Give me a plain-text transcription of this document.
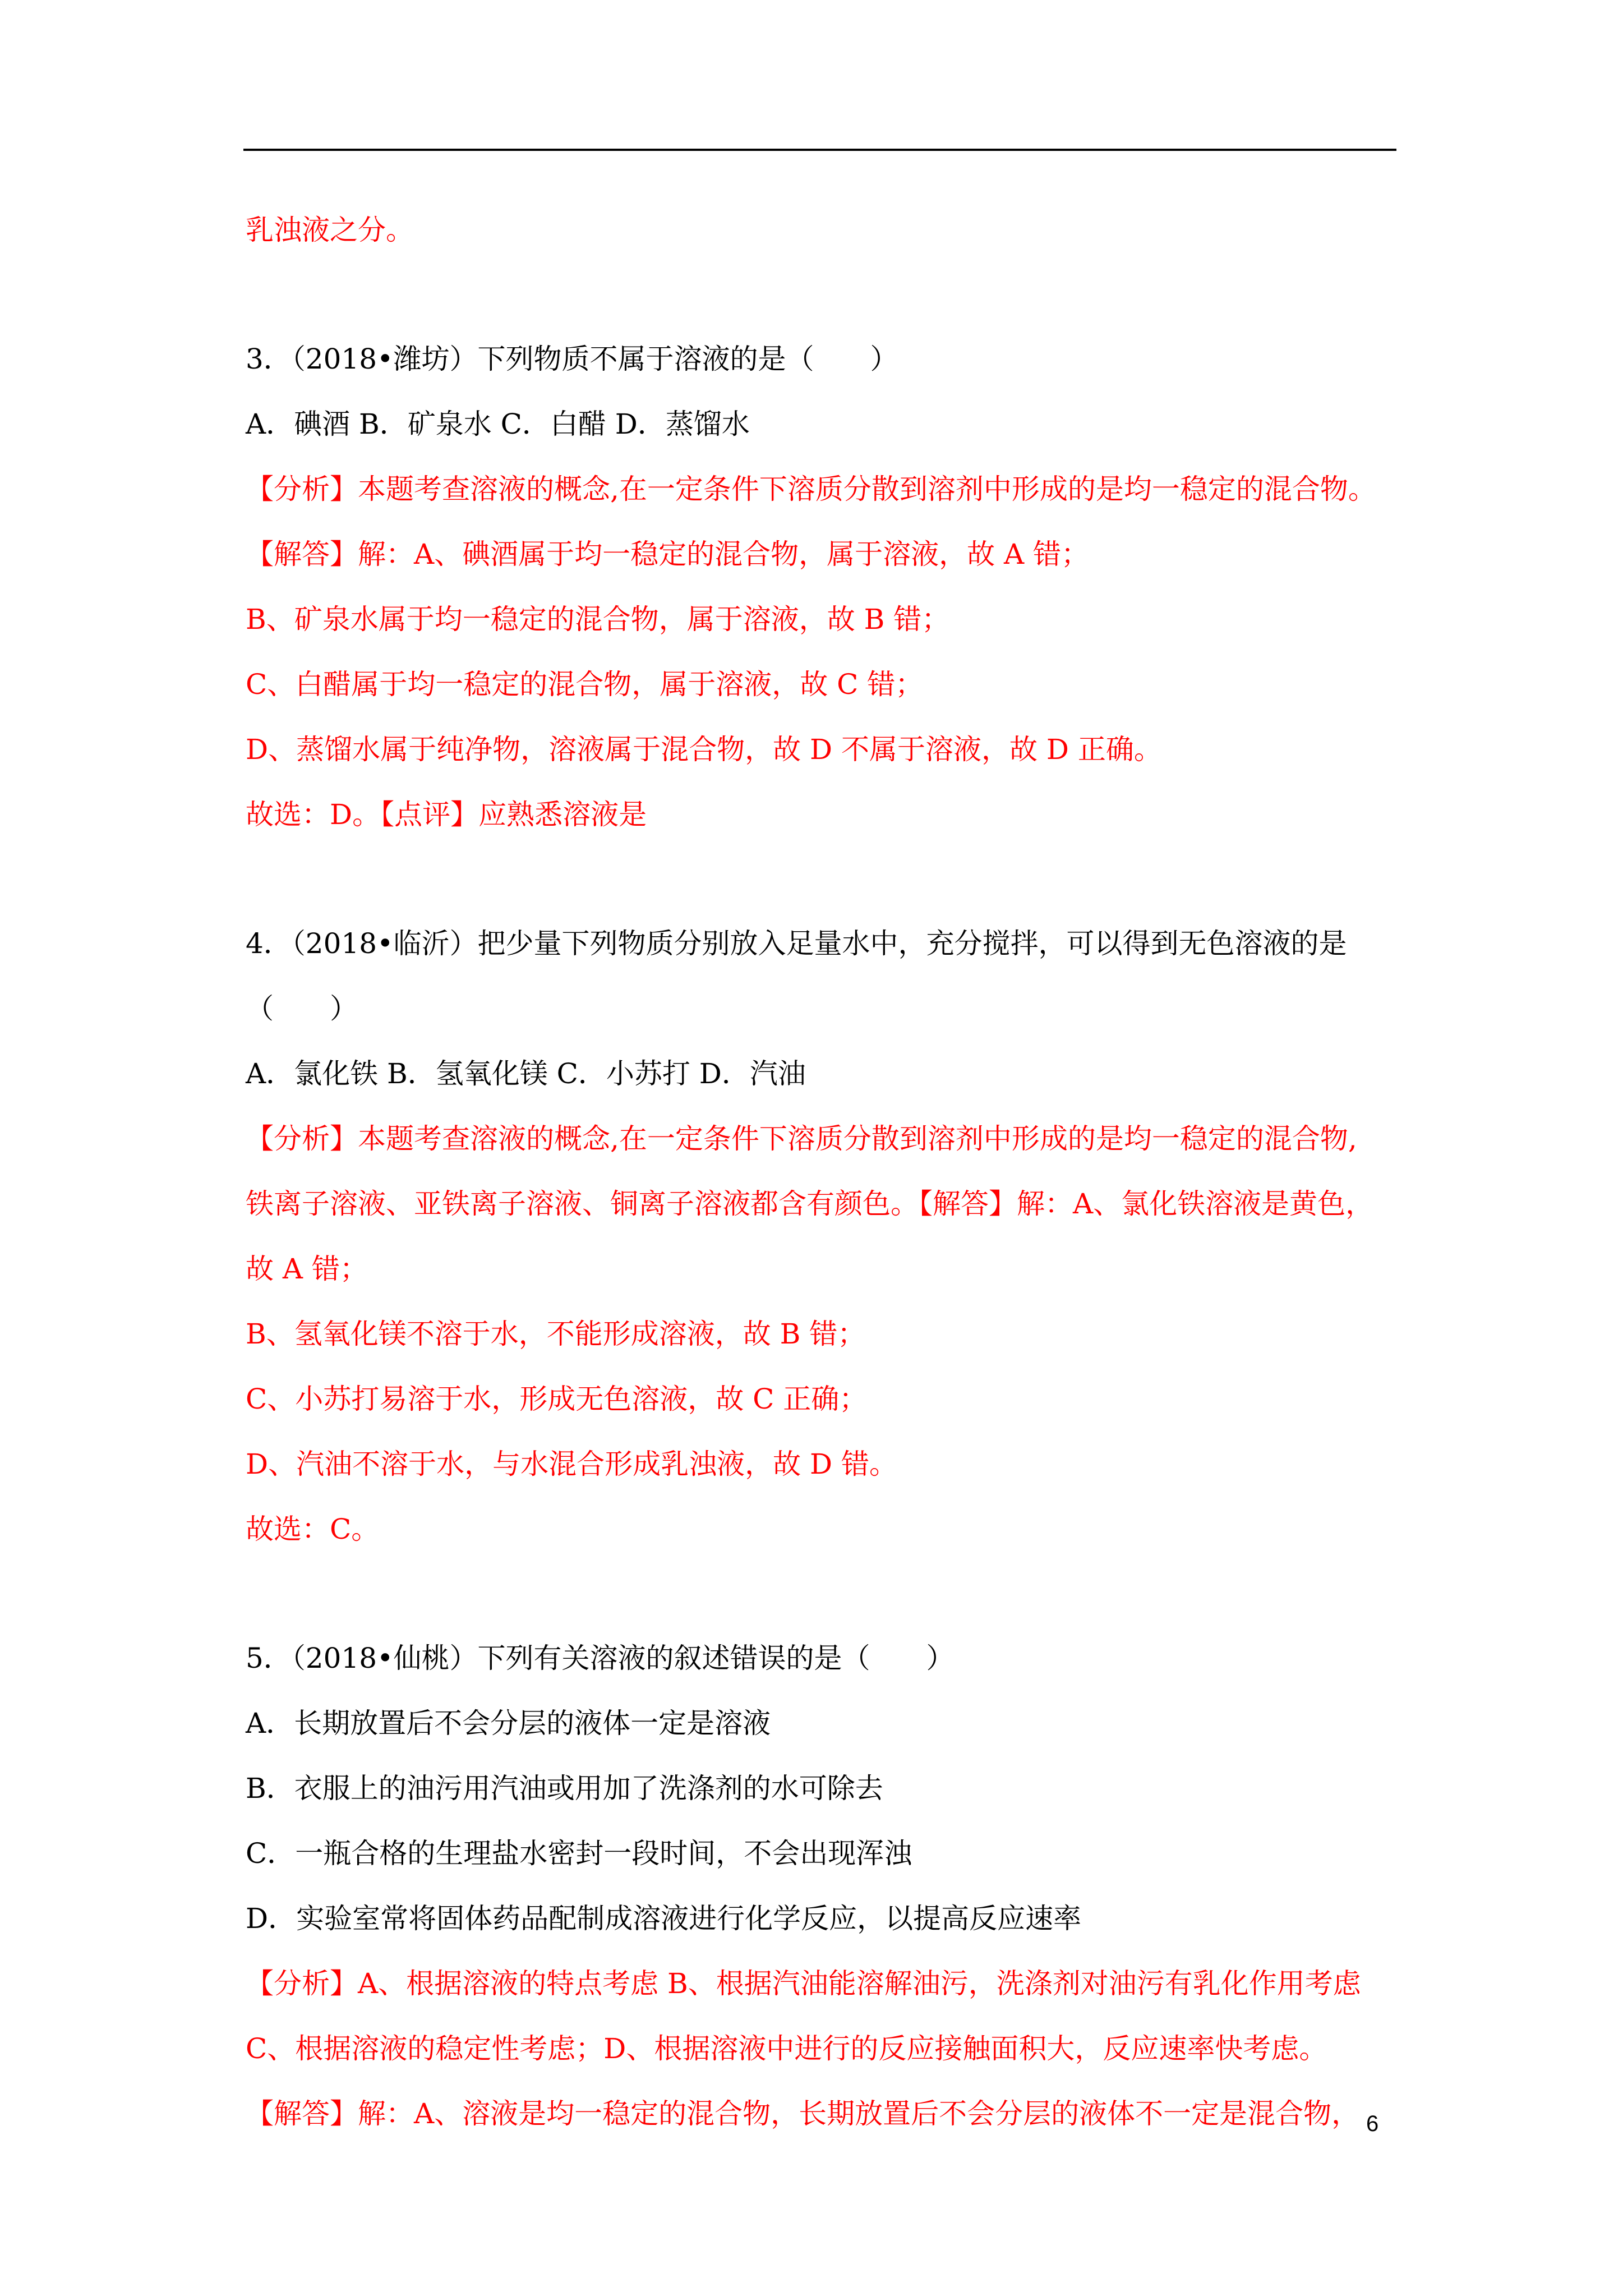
乳浊液之分。
3．（2018•潍坊）下列物质不属于溶液的是（　　）
A．碘酒 B．矿泉水 C．白醋 D．蒸馏水
【分析】本题考查溶液的概念,在一定条件下溶质分散到溶剂中形成的是均一稳定的混合物。
【解答】解：A、碘酒属于均一稳定的混合物，属于溶液，故 A 错；
B、矿泉水属于均一稳定的混合物，属于溶液，故 B 错；
C、白醋属于均一稳定的混合物，属于溶液，故 C 错；
D、蒸馏水属于纯净物，溶液属于混合物，故 D 不属于溶液，故 D 正确。
故选：D。【点评】应熟悉溶液是
4．（2018•临沂）把少量下列物质分别放入足量水中，充分搅拌，可以得到无色溶液的是
（　　）
A．氯化铁 B．氢氧化镁 C．小苏打 D．汽油
【分析】本题考查溶液的概念,在一定条件下溶质分散到溶剂中形成的是均一稳定的混合物,
铁离子溶液、亚铁离子溶液、铜离子溶液都含有颜色。【解答】解：A、氯化铁溶液是黄色，
故 A 错；
B、氢氧化镁不溶于水，不能形成溶液，故 B 错；
C、小苏打易溶于水，形成无色溶液，故 C 正确；
D、汽油不溶于水，与水混合形成乳浊液，故 D 错。
故选：C。
5．（2018•仙桃）下列有关溶液的叙述错误的是（　　）
A．长期放置后不会分层的液体一定是溶液
B．衣服上的油污用汽油或用加了洗涤剂的水可除去
C．一瓶合格的生理盐水密封一段时间，不会出现浑浊
D．实验室常将固体药品配制成溶液进行化学反应，以提高反应速率
【分析】A、根据溶液的特点考虑 B、根据汽油能溶解油污，洗涤剂对油污有乳化作用考虑
C、根据溶液的稳定性考虑；D、根据溶液中进行的反应接触面积大，反应速率快考虑。
【解答】解：A、溶液是均一稳定的混合物，长期放置后不会分层的液体不一定是混合物， 6
